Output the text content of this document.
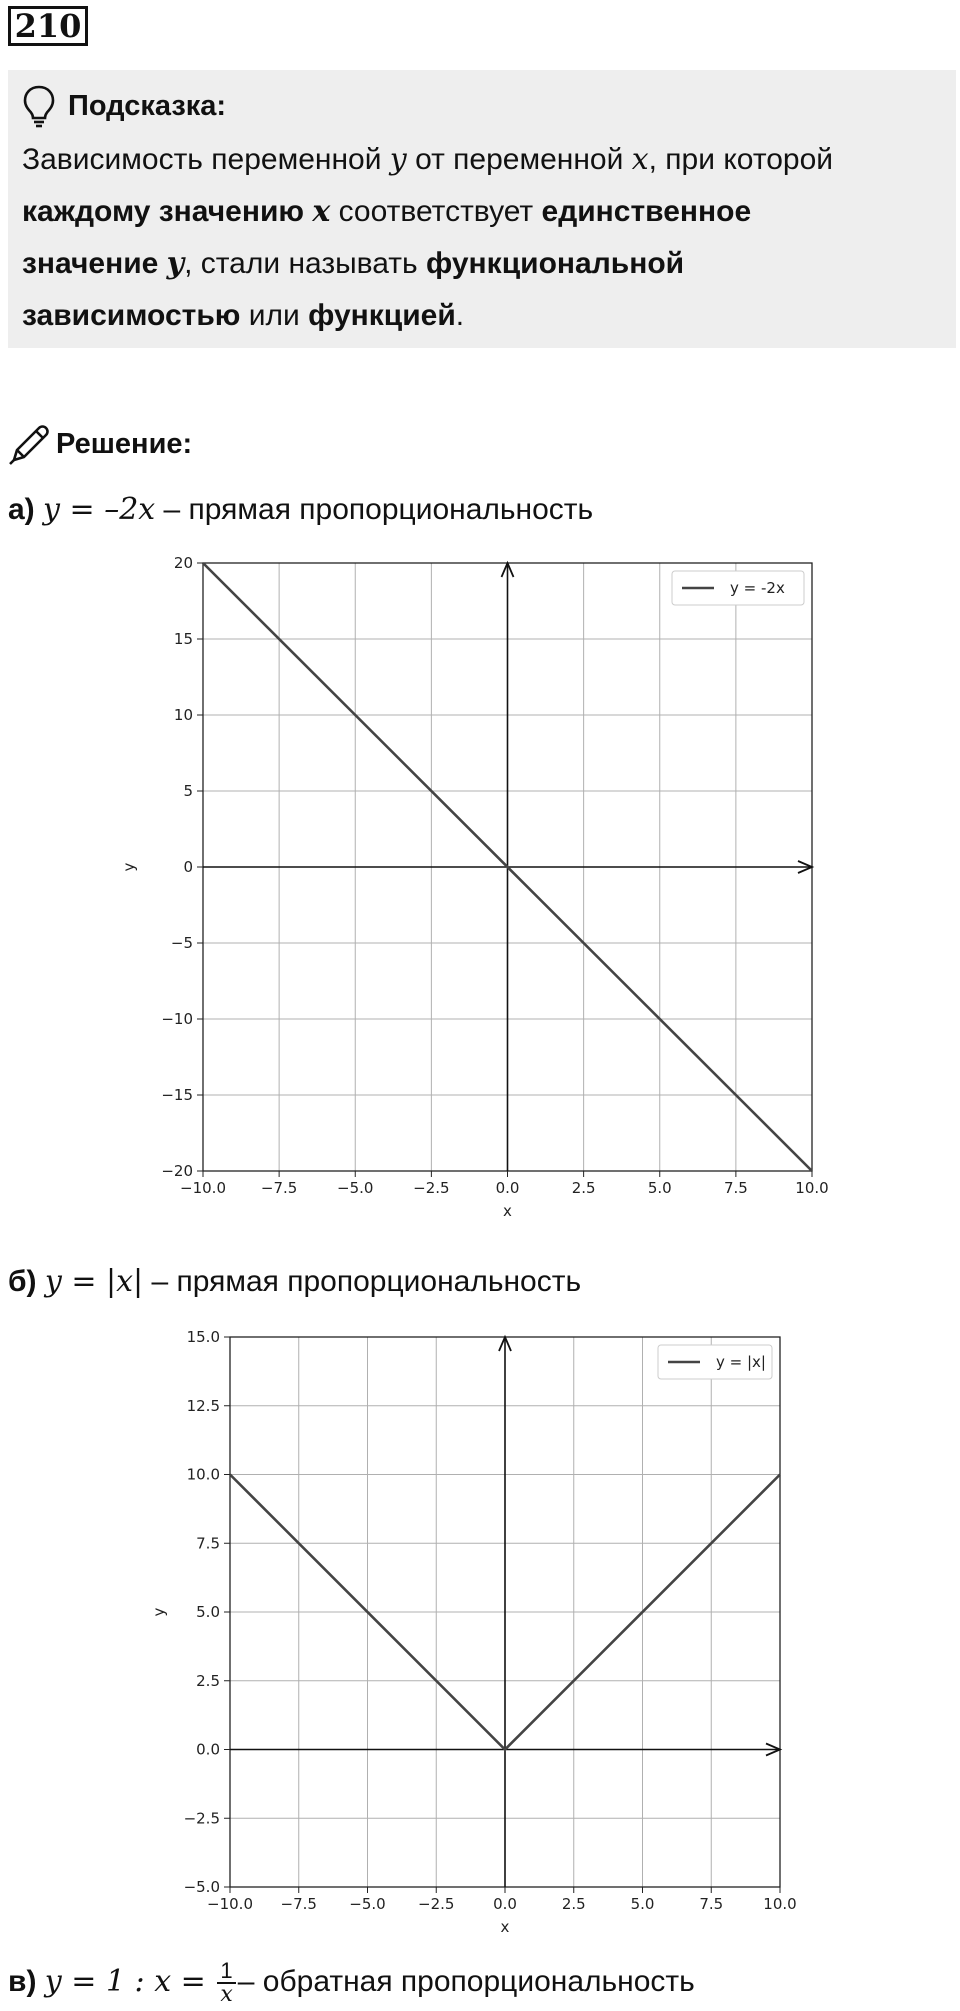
210
Подсказка:
Зависимость переменной y от переменной x, при которой
каждому значению x соответствует единственное
значение y, стали называть функциональной
зависимостью или функцией.
Решение:
а) y = –2x – прямая пропорциональность
−10.0 −7.5	−5.0	−2.5	0.0	2.5	5.0	7.5	10.0
−20
−15
−10
−5
0
5
10
15
20
x
y
y = -2x
б) y = |x| – прямая пропорциональность
−10.0 −7.5 −5.0 −2.5	0.0	2.5	5.0	7.5	10.0
−5.0
−2.5
0.0
2.5
5.0
7.5
10.0
12.5
15.0
x
y
y = |x|
в) y = 1 : $x = \frac{1}{x}$ – обратная пропорциональность
